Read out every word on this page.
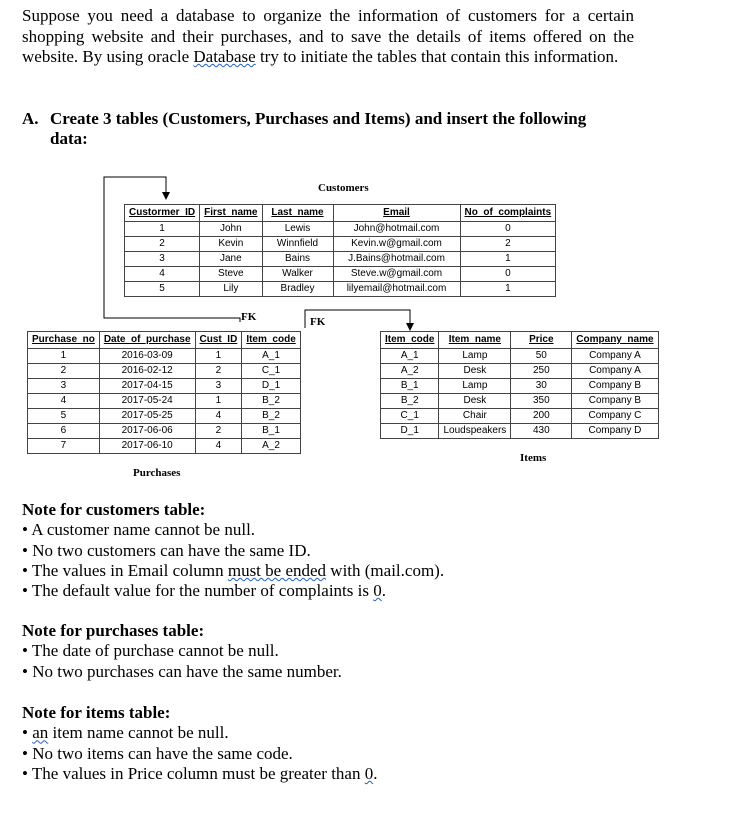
Suppose you need a database to organize the information of customers for a certain shopping website and their purchases, and to save the details of items offered on the website. By using oracle Database try to initiate the tables that contain this information.

A. Create 3 tables (Customers, Purchases and Items) and insert the following
data:

FK	FK
Customers
Purchases
Items
Custormer_ID	First_name	Last_name	Email	No_of_complaints
1	John	Lewis	John@hotmail.com	0
2	Kevin	Winnfield	Kevin.w@gmail.com	2
3	Jane	Bains	J.Bains@hotmail.com	1
4	Steve	Walker	Steve.w@gmail.com	0
5	Lily	Bradley	lilyemail@hotmail.com	1
Purchase_no	Date_of_purchase	Cust_ID	Item_code
1	2016-03-09	1	A_1
2	2016-02-12	2	C_1
3	2017-04-15	3	D_1
4	2017-05-24	1	B_2
5	2017-05-25	4	B_2
6	2017-06-06	2	B_1
7	2017-06-10	4	A_2
Item_code	Item_name	Price	Company_name
A_1	Lamp	50	Company A
A_2	Desk	250	Company A
B_1	Lamp	30	Company B
B_2	Desk	350	Company B
C_1	Chair	200	Company C
D_1	Loudspeakers	430	Company D
Note for customers table:
• A customer name cannot be null.
• No two customers can have the same ID.
• The values in Email column must be ended with (mail.com).
• The default value for the number of complaints is 0.
Note for purchases table:
• The date of purchase cannot be null.
• No two purchases can have the same number.
Note for items table:
• an item name cannot be null.
• No two items can have the same code.
• The values in Price column must be greater than 0.
